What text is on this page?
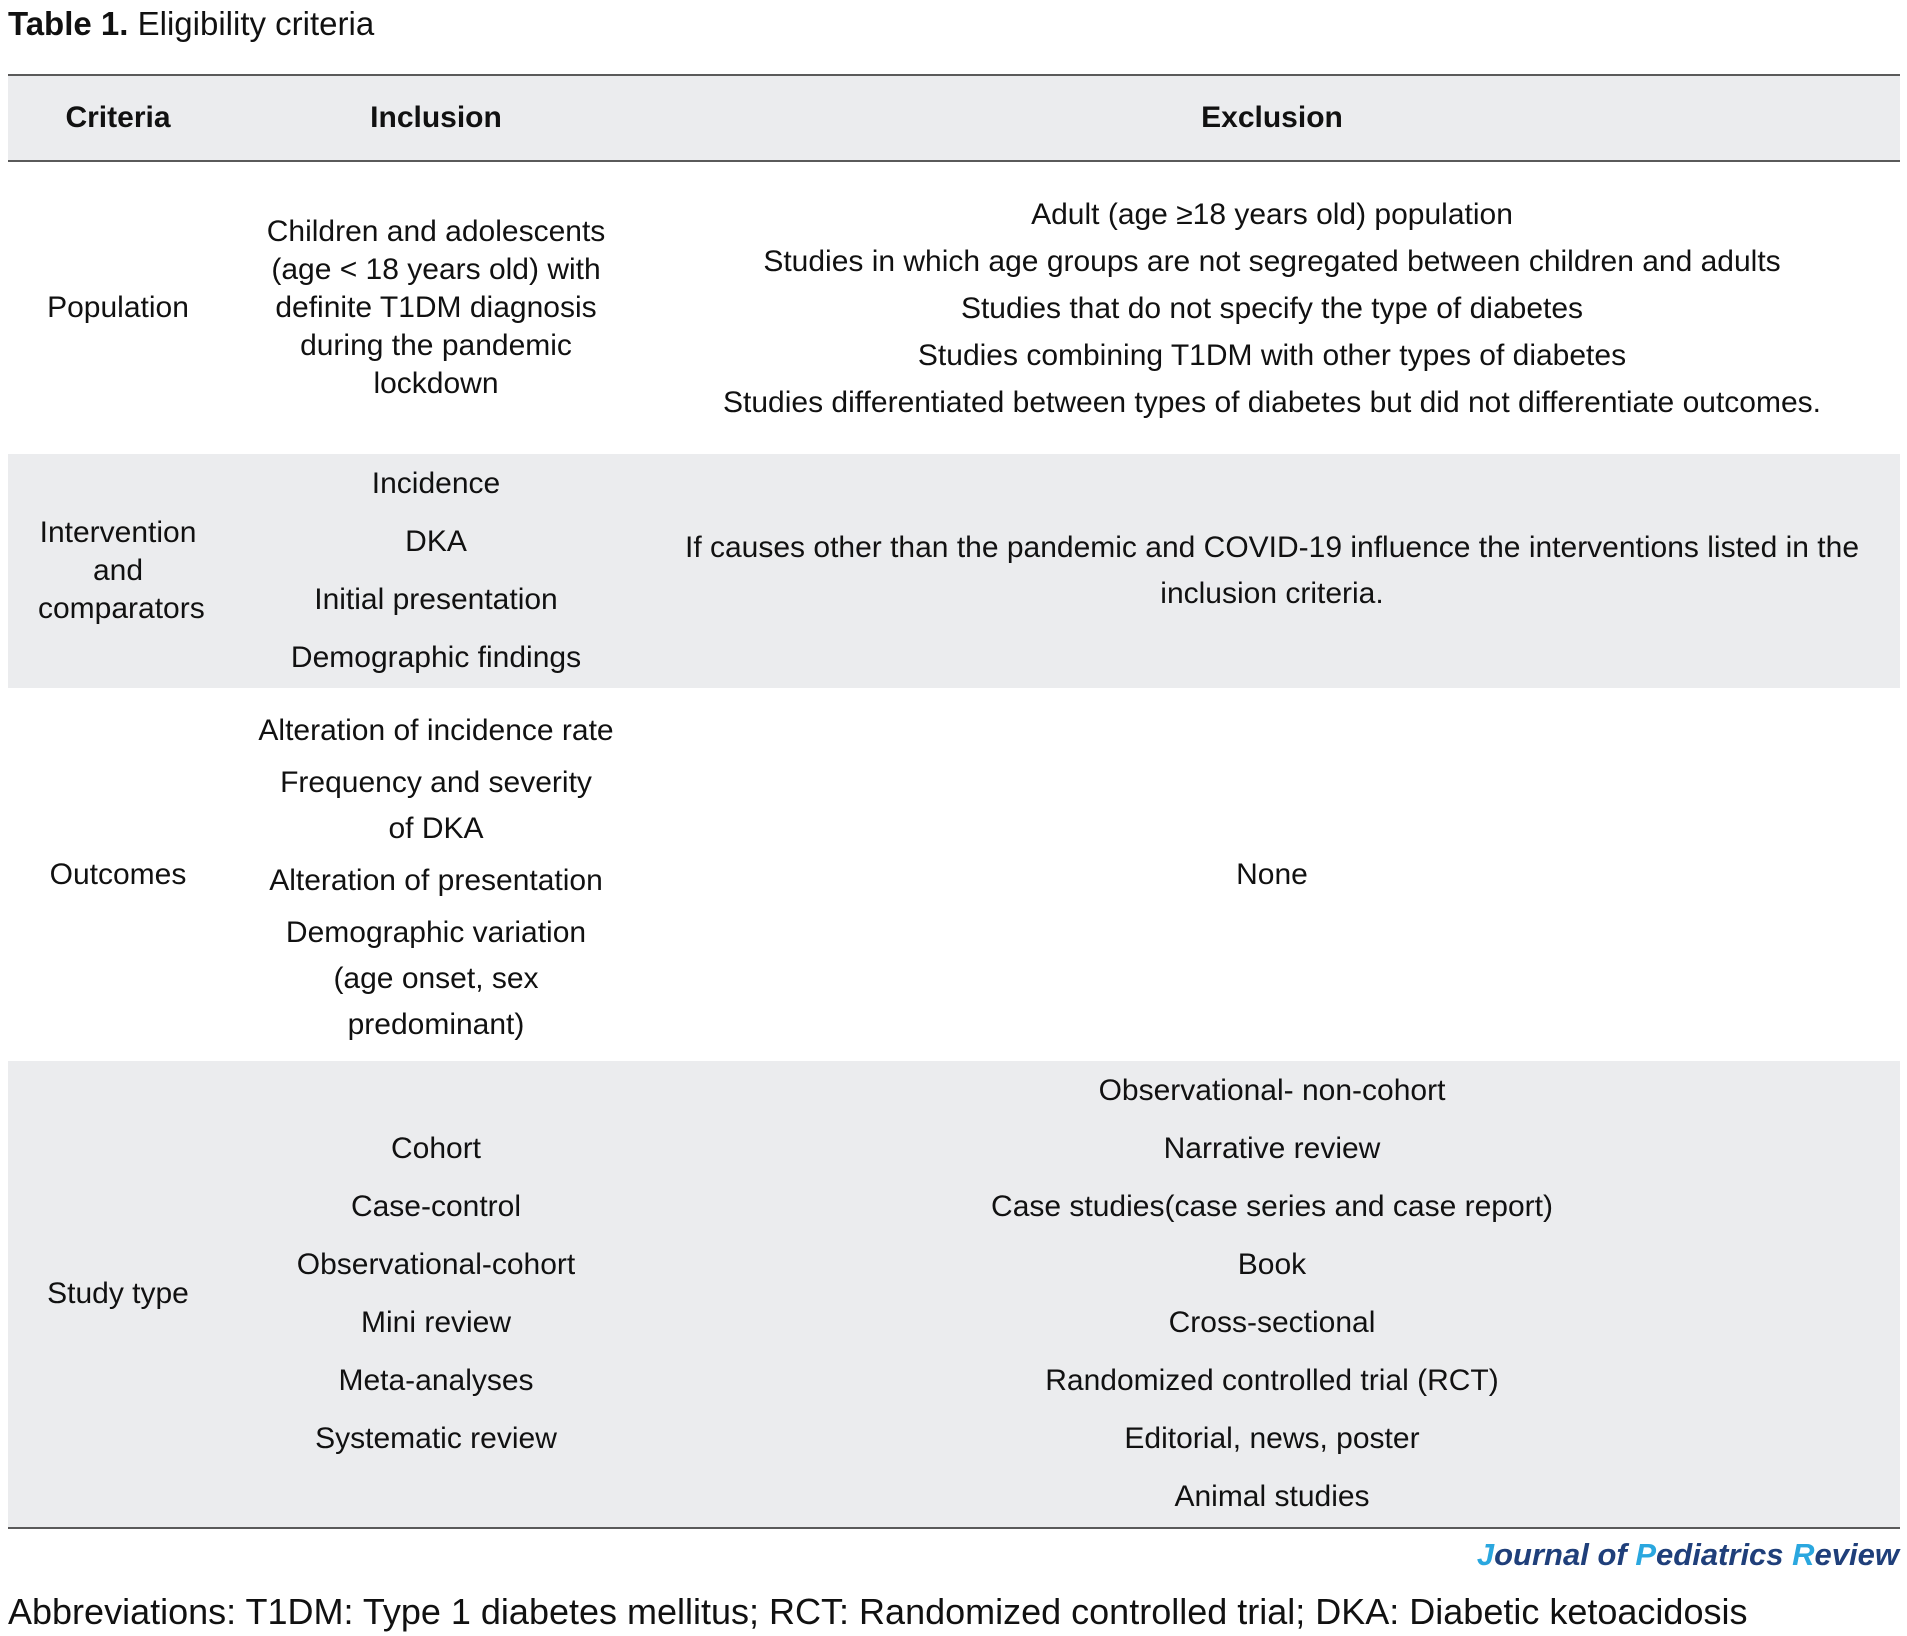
Table 1. Eligibility criteria
Criteria	Inclusion	Exclusion
Population
Children and adolescents (age < 18 years old) with definite T1DM diagnosis during the pandemic lockdown
Adult (age ≥18 years old) population
Studies in which age groups are not segregated between children and adults
Studies that do not specify the type of diabetes
Studies combining T1DM with other types of diabetes
Studies differentiated between types of diabetes but did not differentiate outcomes.
Intervention and comparators
Incidence
DKA
Initial presentation
Demographic findings
If causes other than the pandemic and COVID-19 influence the interventions listed in the inclusion criteria.
Outcomes
Alteration of incidence rate
Frequency and severity of DKA
Alteration of presentation
Demographic variation (age onset, sex predominant)
None
Study type
Cohort
Case-control
Observational-cohort
Mini review
Meta-analyses
Systematic review
Observational- non-cohort
Narrative review
Case studies(case series and case report)
Book
Cross-sectional
Randomized controlled trial (RCT)
Editorial, news, poster
Animal studies
Journal of Pediatrics Review
Abbreviations: T1DM: Type 1 diabetes mellitus; RCT: Randomized controlled trial; DKA: Diabetic ketoacidosis
